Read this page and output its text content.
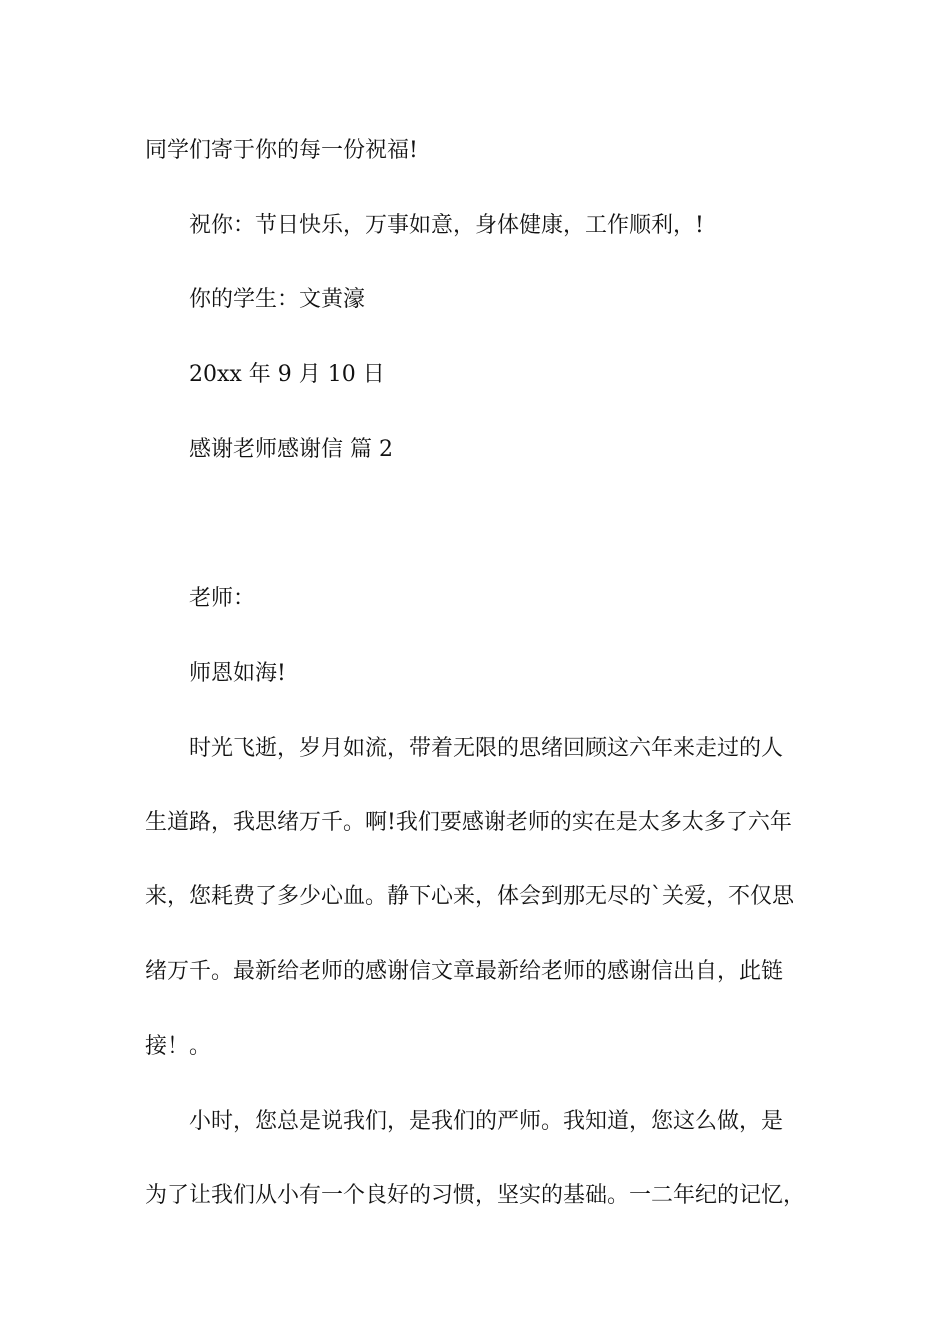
同学们寄于你的每一份祝福!
祝你：节日快乐，万事如意，身体健康，工作顺利，!
你的学生：文黄濠
20xx 年 9 月 10 日
感谢老师感谢信 篇 2
老师：
师恩如海!
时光飞逝，岁月如流，带着无限的思绪回顾这六年来走过的人
生道路，我思绪万千。啊!我们要感谢老师的实在是太多太多了六年
来，您耗费了多少心血。静下心来，体会到那无尽的`关爱，不仅思
绪万千。最新给老师的感谢信文章最新给老师的感谢信出自，此链
接！。
小时，您总是说我们，是我们的严师。我知道，您这么做，是
为了让我们从小有一个良好的习惯，坚实的基础。一二年纪的记忆，
